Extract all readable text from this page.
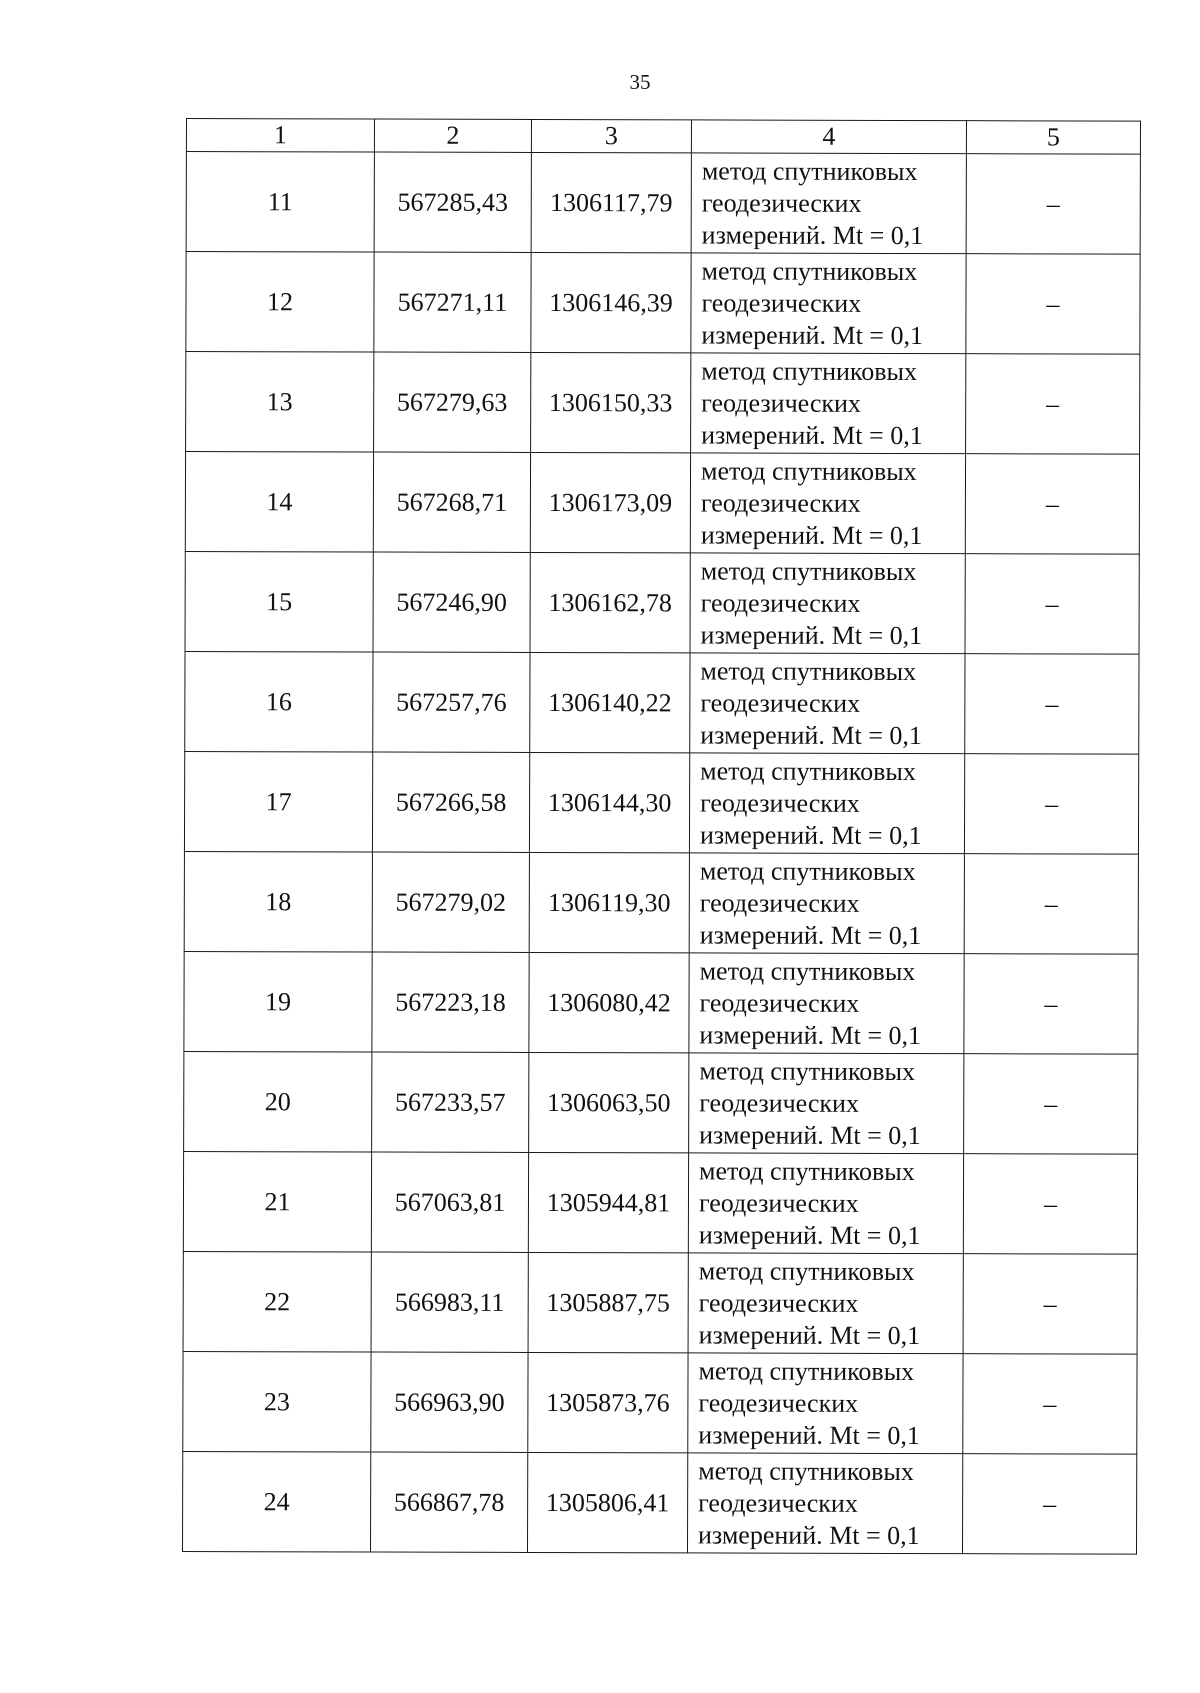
35
1	2	3	4	5
11	567285,43	1306117,79	метод спутниковых
геодезических
измерений. Mt = 0,1	–
12	567271,11	1306146,39	метод спутниковых
геодезических
измерений. Mt = 0,1	–
13	567279,63	1306150,33	метод спутниковых
геодезических
измерений. Mt = 0,1	–
14	567268,71	1306173,09	метод спутниковых
геодезических
измерений. Mt = 0,1	–
15	567246,90	1306162,78	метод спутниковых
геодезических
измерений. Mt = 0,1	–
16	567257,76	1306140,22	метод спутниковых
геодезических
измерений. Mt = 0,1	–
17	567266,58	1306144,30	метод спутниковых
геодезических
измерений. Mt = 0,1	–
18	567279,02	1306119,30	метод спутниковых
геодезических
измерений. Mt = 0,1	–
19	567223,18	1306080,42	метод спутниковых
геодезических
измерений. Mt = 0,1	–
20	567233,57	1306063,50	метод спутниковых
геодезических
измерений. Mt = 0,1	–
21	567063,81	1305944,81	метод спутниковых
геодезических
измерений. Mt = 0,1	–
22	566983,11	1305887,75	метод спутниковых
геодезических
измерений. Mt = 0,1	–
23	566963,90	1305873,76	метод спутниковых
геодезических
измерений. Mt = 0,1	–
24	566867,78	1305806,41	метод спутниковых
геодезических
измерений. Mt = 0,1	–
